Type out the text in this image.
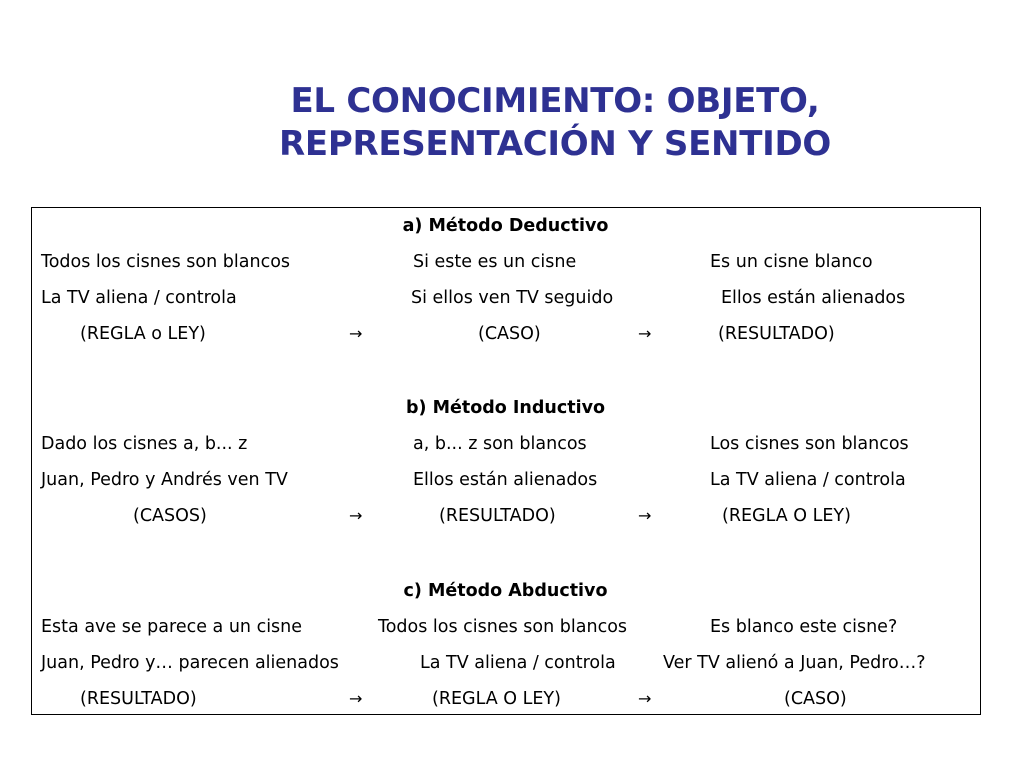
EL CONOCIMIENTO: OBJETO,
REPRESENTACIÓN Y SENTIDO
a) Método Deductivo
Todos los cisnes son blancos	Si este es un cisne	Es un cisne blanco
La TV aliena / controla	Si ellos ven TV seguido	Ellos están alienados
(REGLA o LEY)	→	(CASO)	→	(RESULTADO)
b) Método Inductivo
Dado los cisnes a, b... z	a, b... z son blancos	Los cisnes son blancos
Juan, Pedro y Andrés ven TV	Ellos están alienados	La TV aliena / controla
(CASOS)	→	(RESULTADO)	→	(REGLA O LEY)
c) Método Abductivo
Esta ave se parece a un cisne	Todos los cisnes son blancos	Es blanco este cisne?
Juan, Pedro y… parecen alienados	La TV aliena / controla	Ver TV alienó a Juan, Pedro…?
(RESULTADO)	→	(REGLA O LEY)	→	(CASO)
